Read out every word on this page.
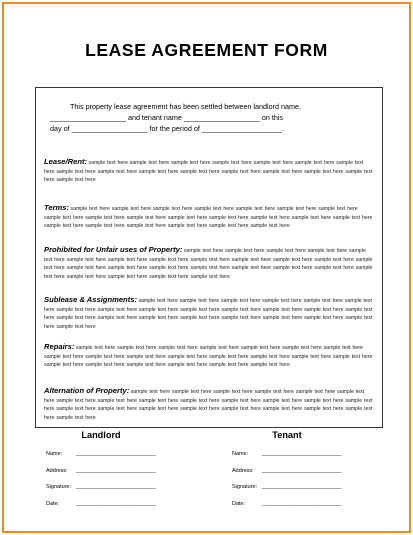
LEASE AGREEMENT FORM
This property lease agreement has been settled between landlord name,
___________________ and tenant name ___________________ on this
day of ___________________ for the period of ____________________.
Lease/Rent: sample text here sample text here sample text here sample text here sample text here sample text here sample text here sample text here sample text here sample text here sample text here sample text here sample text here sample text here sample text here sample text here
Terms: sample text here sample text here sample text here sample text here sample text here sample text here sample text here sample text here sample text here sample text here sample text here sample text here sample text here sample text here sample text here sample text here sample text here sample text here sample text here sample text here sample text here
Prohibited for Unfair uses of Property: sample text here sample text here sample text here sample text here sample text here sample text here sample text here sample text here sample text here sample text here sample text here sample text here sample text here sample text here sample text here sample text here sample text here sample text here sample text here sample text here sample text here sample text here sample text here sample text here sample text here
Sublease & Assignments: sample text here sample text here sample text here sample text here sample text here sample text here sample text here sample text here sample text here sample text here sample text here sample text here sample text here sample text here sample text here sample text here sample text here sample text here sample text here sample text here sample text here sample text here sample text here
Repairs: sample text here sample text here sample text here sample text here sample text here sample text here sample text here sample text here sample text here sample text here sample text here sample text here sample text here sample text here sample text here sample text here sample text here sample text here sample text here sample text here sample text here
Alternation of Property: sample text here sample text here sample text here sample text here sample text here sample text here sample text here sample text here sample text here sample text here sample text here sample text here sample text here sample text here sample text here sample text here sample text here sample text here sample text here sample text here sample text here sample text here sample text here
Landlord
Name:	__________________________
Address: __________________________
Signature: __________________________
Date:	__________________________
Tenant
Name:	__________________________
Address: __________________________
Signature: __________________________
Date:	__________________________
